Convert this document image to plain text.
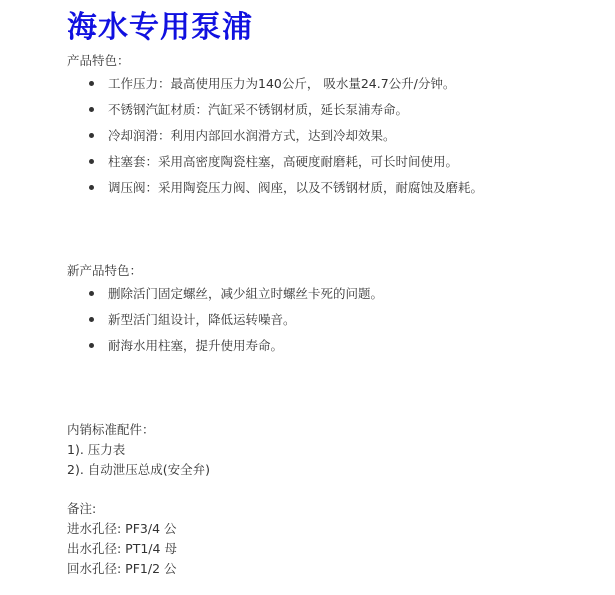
海水专用泵浦

产品特色：

工作压力：最高使用压力为140公斤， 吸水量24.7公升/分钟。
不锈钢汽缸材质：汽缸采不锈钢材质，延长泵浦寿命。
冷却润滑：利用内部回水润滑方式，达到冷却效果。
柱塞套：采用高密度陶瓷柱塞，高硬度耐磨耗，可长时间使用。
调压阀：采用陶瓷压力阀、阀座，以及不锈钢材质，耐腐蚀及磨耗。

新产品特色：

删除活门固定螺丝，减少組立时螺丝卡死的问题。
新型活门組设计，降低运转噪音。
耐海水用柱塞，提升使用寿命。

内销标准配件：

1). 压力表

2). 自动泄压总成(安全弁)

备注:

进水孔径: PF3/4 公

出水孔径: PT1/4 母

回水孔径: PF1/2 公
